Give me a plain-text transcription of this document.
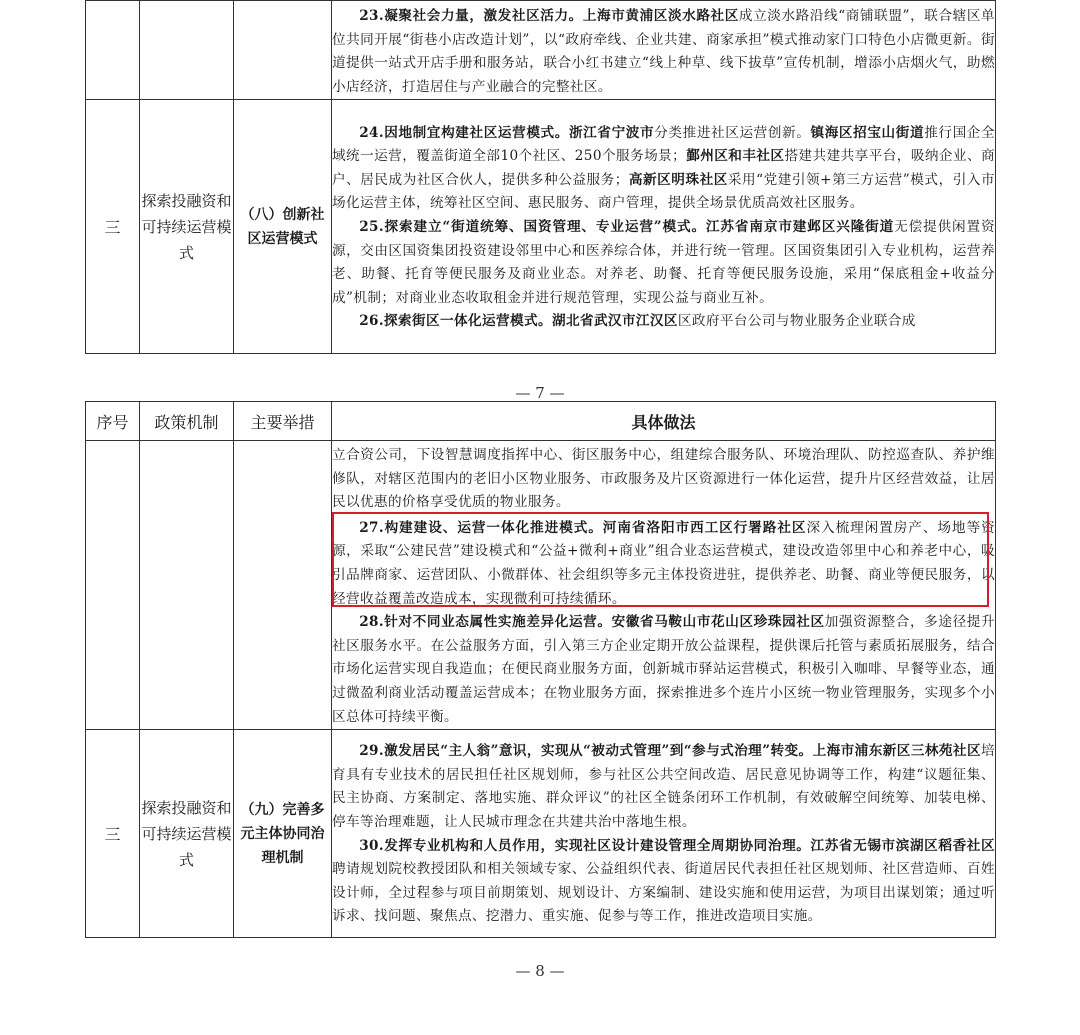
			23.凝聚社会力量，激发社区活力。上海市黄浦区淡水路社区成立淡水路沿线“商铺联盟”，联合辖区单位共同开展“街巷小店改造计划”，以“政府牵线、企业共建、商家承担”模式推动家门口特色小店微更新。街道提供一站式开店手册和服务站，联合小红书建立“线上种草、线下拔草”宣传机制，增添小店烟火气，助燃小店经济，打造居住与产业融合的完整社区。

三	探索投融资和可持续运营模式	（八）创新社区运营模式	24.因地制宜构建社区运营模式。浙江省宁波市分类推进社区运营创新。镇海区招宝山街道推行国企全域统一运营，覆盖街道全部10个社区、250个服务场景；鄞州区和丰社区搭建共建共享平台，吸纳企业、商户、居民成为社区合伙人，提供多种公益服务；高新区明珠社区采用“党建引领+第三方运营”模式，引入市场化运营主体，统筹社区空间、惠民服务、商户管理，提供全场景优质高效社区服务。

25.探索建立“街道统筹、国资管理、专业运营”模式。江苏省南京市建邺区兴隆街道无偿提供闲置资源，交由区国资集团投资建设邻里中心和医养综合体，并进行统一管理。区国资集团引入专业机构，运营养老、助餐、托育等便民服务及商业业态。对养老、助餐、托育等便民服务设施，采用“保底租金+收益分成”机制；对商业业态收取租金并进行规范管理，实现公益与商业互补。

26.探索街区一体化运营模式。湖北省武汉市江汉区区政府平台公司与物业服务企业联合成

— 7 —
序号	政策机制	主要举措	具体做法

			立合资公司，下设智慧调度指挥中心、街区服务中心，组建综合服务队、环境治理队、防控巡查队、养护维修队，对辖区范围内的老旧小区物业服务、市政服务及片区资源进行一体化运营，提升片区经营效益，让居民以优惠的价格享受优质的物业服务。

27.构建建设、运营一体化推进模式。河南省洛阳市西工区行署路社区深入梳理闲置房产、场地等资源，采取“公建民营”建设模式和“公益+微利+商业”组合业态运营模式，建设改造邻里中心和养老中心，吸引品牌商家、运营团队、小微群体、社会组织等多元主体投资进驻，提供养老、助餐、商业等便民服务，以经营收益覆盖改造成本，实现微利可持续循环。

28.针对不同业态属性实施差异化运营。安徽省马鞍山市花山区珍珠园社区加强资源整合，多途径提升社区服务水平。在公益服务方面，引入第三方企业定期开放公益课程，提供课后托管与素质拓展服务，结合市场化运营实现自我造血；在便民商业服务方面，创新城市驿站运营模式，积极引入咖啡、早餐等业态，通过微盈利商业活动覆盖运营成本；在物业服务方面，探索推进多个连片小区统一物业管理服务，实现多个小区总体可持续平衡。

三	探索投融资和可持续运营模式	（九）完善多元主体协同治理机制	29.激发居民“主人翁”意识，实现从“被动式管理”到“参与式治理”转变。上海市浦东新区三林苑社区培育具有专业技术的居民担任社区规划师，参与社区公共空间改造、居民意见协调等工作，构建“议题征集、民主协商、方案制定、落地实施、群众评议”的社区全链条闭环工作机制，有效破解空间统筹、加装电梯、停车等治理难题，让人民城市理念在共建共治中落地生根。

30.发挥专业机构和人员作用，实现社区设计建设管理全周期协同治理。江苏省无锡市滨湖区稻香社区聘请规划院校教授团队和相关领域专家、公益组织代表、街道居民代表担任社区规划师、社区营造师、百姓设计师，全过程参与项目前期策划、规划设计、方案编制、建设实施和使用运营，为项目出谋划策；通过听诉求、找问题、聚焦点、挖潜力、重实施、促参与等工作，推进改造项目实施。

— 8 —
